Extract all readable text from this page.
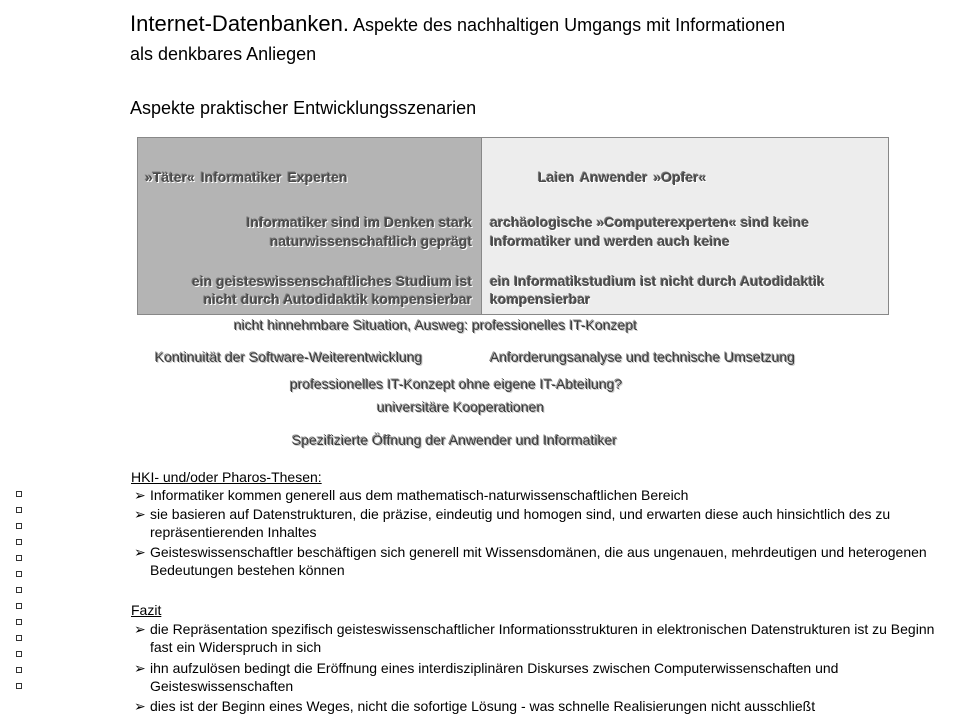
Internet-Datenbanken. Aspekte des nachhaltigen Umgangs mit Informationen
als denkbares Anliegen
Aspekte praktischer Entwicklungsszenarien
»Täter« Informatiker Experten
Informatiker sind im Denken stark
naturwissenschaftlich geprägt
ein geisteswissenschaftliches Studium ist
nicht durch Autodidaktik kompensierbar
Laien Anwender »Opfer«
archäologische »Computerexperten« sind keine
Informatiker und werden auch keine
ein Informatikstudium ist nicht durch Autodidaktik
kompensierbar
nicht hinnehmbare Situation, Ausweg: professionelles IT-Konzept
Kontinuität der Software-Weiterentwicklung	Anforderungsanalyse und technische Umsetzung
professionelles IT-Konzept ohne eigene IT-Abteilung?
universitäre Kooperationen
Spezifizierte Öffnung der Anwender und Informatiker
HKI- und/oder Pharos-Thesen:
➢ Informatiker kommen generell aus dem mathematisch-naturwissenschaftlichen Bereich
➢ sie basieren auf Datenstrukturen, die präzise, eindeutig und homogen sind, und erwarten diese auch hinsichtlich des zu repräsentierenden Inhaltes
➢ Geisteswissenschaftler beschäftigen sich generell mit Wissensdomänen, die aus ungenauen, mehrdeutigen und heterogenen Bedeutungen bestehen können
Fazit
➢ die Repräsentation spezifisch geisteswissenschaftlicher Informationsstrukturen in elektronischen Datenstrukturen ist zu Beginn fast ein Widerspruch in sich
➢ ihn aufzulösen bedingt die Eröffnung eines interdisziplinären Diskurses zwischen Computerwissenschaften und Geisteswissenschaften
➢ dies ist der Beginn eines Weges, nicht die sofortige Lösung - was schnelle Realisierungen nicht ausschließt
